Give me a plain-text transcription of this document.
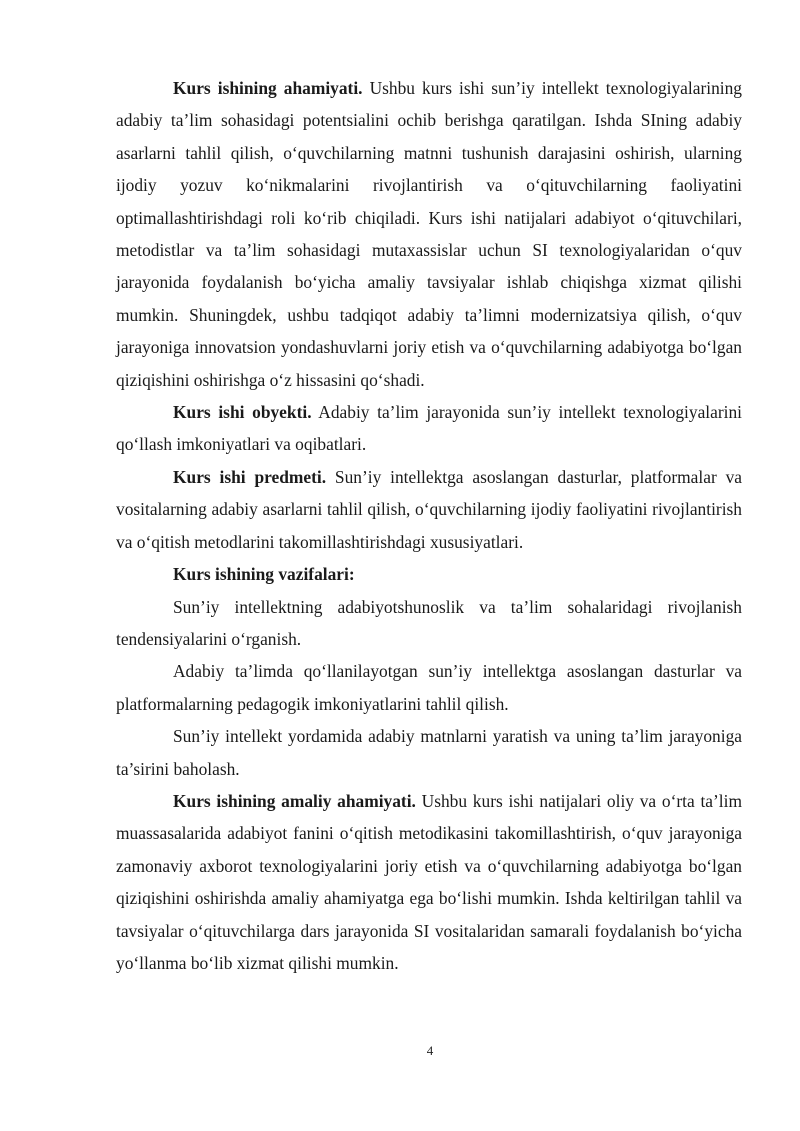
Kurs ishining ahamiyati. Ushbu kurs ishi sun’iy intellekt texnologiyalarining adabiy ta’lim sohasidagi potentsialini ochib berishga qaratilgan. Ishda SIning adabiy asarlarni tahlil qilish, o‘quvchilarning matnni tushunish darajasini oshirish, ularning ijodiy yozuv ko‘nikmalarini rivojlantirish va o‘qituvchilarning faoliyatini optimallashtirishdagi roli ko‘rib chiqiladi. Kurs ishi natijalari adabiyot o‘qituvchilari, metodistlar va ta’lim sohasidagi mutaxassislar uchun SI texnologiyalaridan o‘quv jarayonida foydalanish bo‘yicha amaliy tavsiyalar ishlab chiqishga xizmat qilishi mumkin. Shuningdek, ushbu tadqiqot adabiy ta’limni modernizatsiya qilish, o‘quv jarayoniga innovatsion yondashuvlarni joriy etish va o‘quvchilarning adabiyotga bo‘lgan qiziqishini oshirishga o‘z hissasini qo‘shadi.

Kurs ishi obyekti. Adabiy ta’lim jarayonida sun’iy intellekt texnologiyalarini qo‘llash imkoniyatlari va oqibatlari.

Kurs ishi predmeti. Sun’iy intellektga asoslangan dasturlar, platformalar va vositalarning adabiy asarlarni tahlil qilish, o‘quvchilarning ijodiy faoliyatini rivojlantirish va o‘qitish metodlarini takomillashtirishdagi xususiyatlari.

Kurs ishining vazifalari:

Sun’iy intellektning adabiyotshunoslik va ta’lim sohalaridagi rivojlanish tendensiyalarini o‘rganish.

Adabiy ta’limda qo‘llanilayotgan sun’iy intellektga asoslangan dasturlar va platformalarning pedagogik imkoniyatlarini tahlil qilish.

Sun’iy intellekt yordamida adabiy matnlarni yaratish va uning ta’lim jarayoniga ta’sirini baholash.

Kurs ishining amaliy ahamiyati. Ushbu kurs ishi natijalari oliy va o‘rta ta’lim muassasalarida adabiyot fanini o‘qitish metodikasini takomillashtirish, o‘quv jarayoniga zamonaviy axborot texnologiyalarini joriy etish va o‘quvchilarning adabiyotga bo‘lgan qiziqishini oshirishda amaliy ahamiyatga ega bo‘lishi mumkin. Ishda keltirilgan tahlil va tavsiyalar o‘qituvchilarga dars jarayonida SI vositalaridan samarali foydalanish bo‘yicha yo‘llanma bo‘lib xizmat qilishi mumkin.

4
